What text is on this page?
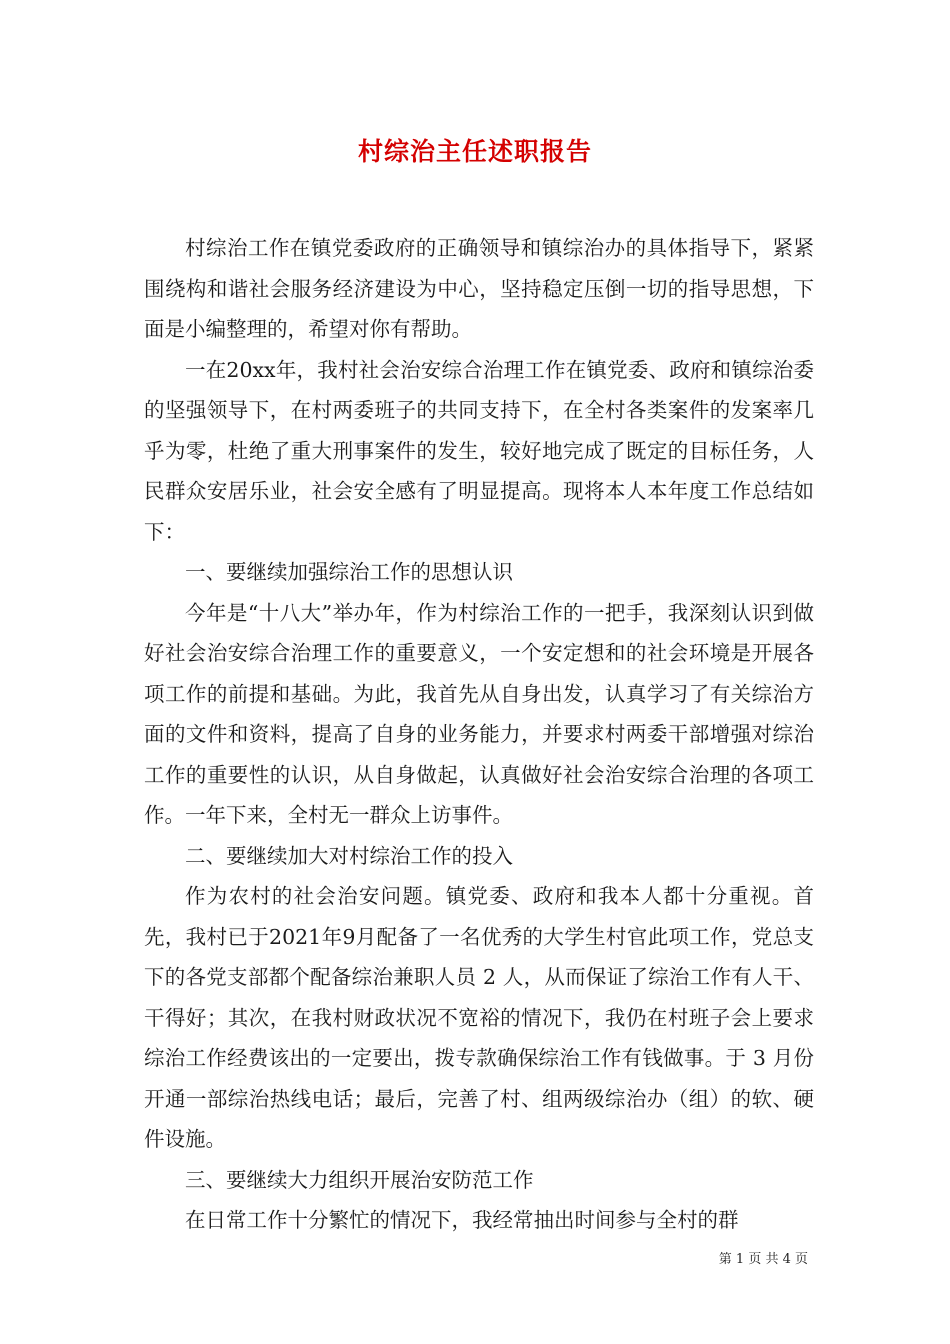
村综治主任述职报告

村综治工作在镇党委政府的正确领导和镇综治办的具体指导下，紧紧围绕构和谐社会服务经济建设为中心，坚持稳定压倒一切的指导思想，下面是小编整理的，希望对你有帮助。

一在20xx年，我村社会治安综合治理工作在镇党委、政府和镇综治委的坚强领导下，在村两委班子的共同支持下，在全村各类案件的发案率几乎为零，杜绝了重大刑事案件的发生，较好地完成了既定的目标任务，人民群众安居乐业，社会安全感有了明显提高。现将本人本年度工作总结如下：

一、要继续加强综治工作的思想认识

今年是“十八大”举办年，作为村综治工作的一把手，我深刻认识到做好社会治安综合治理工作的重要意义，一个安定想和的社会环境是开展各项工作的前提和基础。为此，我首先从自身出发，认真学习了有关综治方面的文件和资料，提高了自身的业务能力，并要求村两委干部增强对综治工作的重要性的认识，从自身做起，认真做好社会治安综合治理的各项工作。一年下来，全村无一群众上访事件。

二、要继续加大对村综治工作的投入

作为农村的社会治安问题。镇党委、政府和我本人都十分重视。首先，我村已于2021年9月配备了一名优秀的大学生村官此项工作，党总支下的各党支部都个配备综治兼职人员 2 人，从而保证了综治工作有人干、干得好；其次，在我村财政状况不宽裕的情况下，我仍在村班子会上要求综治工作经费该出的一定要出，拨专款确保综治工作有钱做事。于 3 月份开通一部综治热线电话；最后，完善了村、组两级综治办（组）的软、硬件设施。

三、要继续大力组织开展治安防范工作

在日常工作十分繁忙的情况下，我经常抽出时间参与全村的群

第 1 页 共 4 页
